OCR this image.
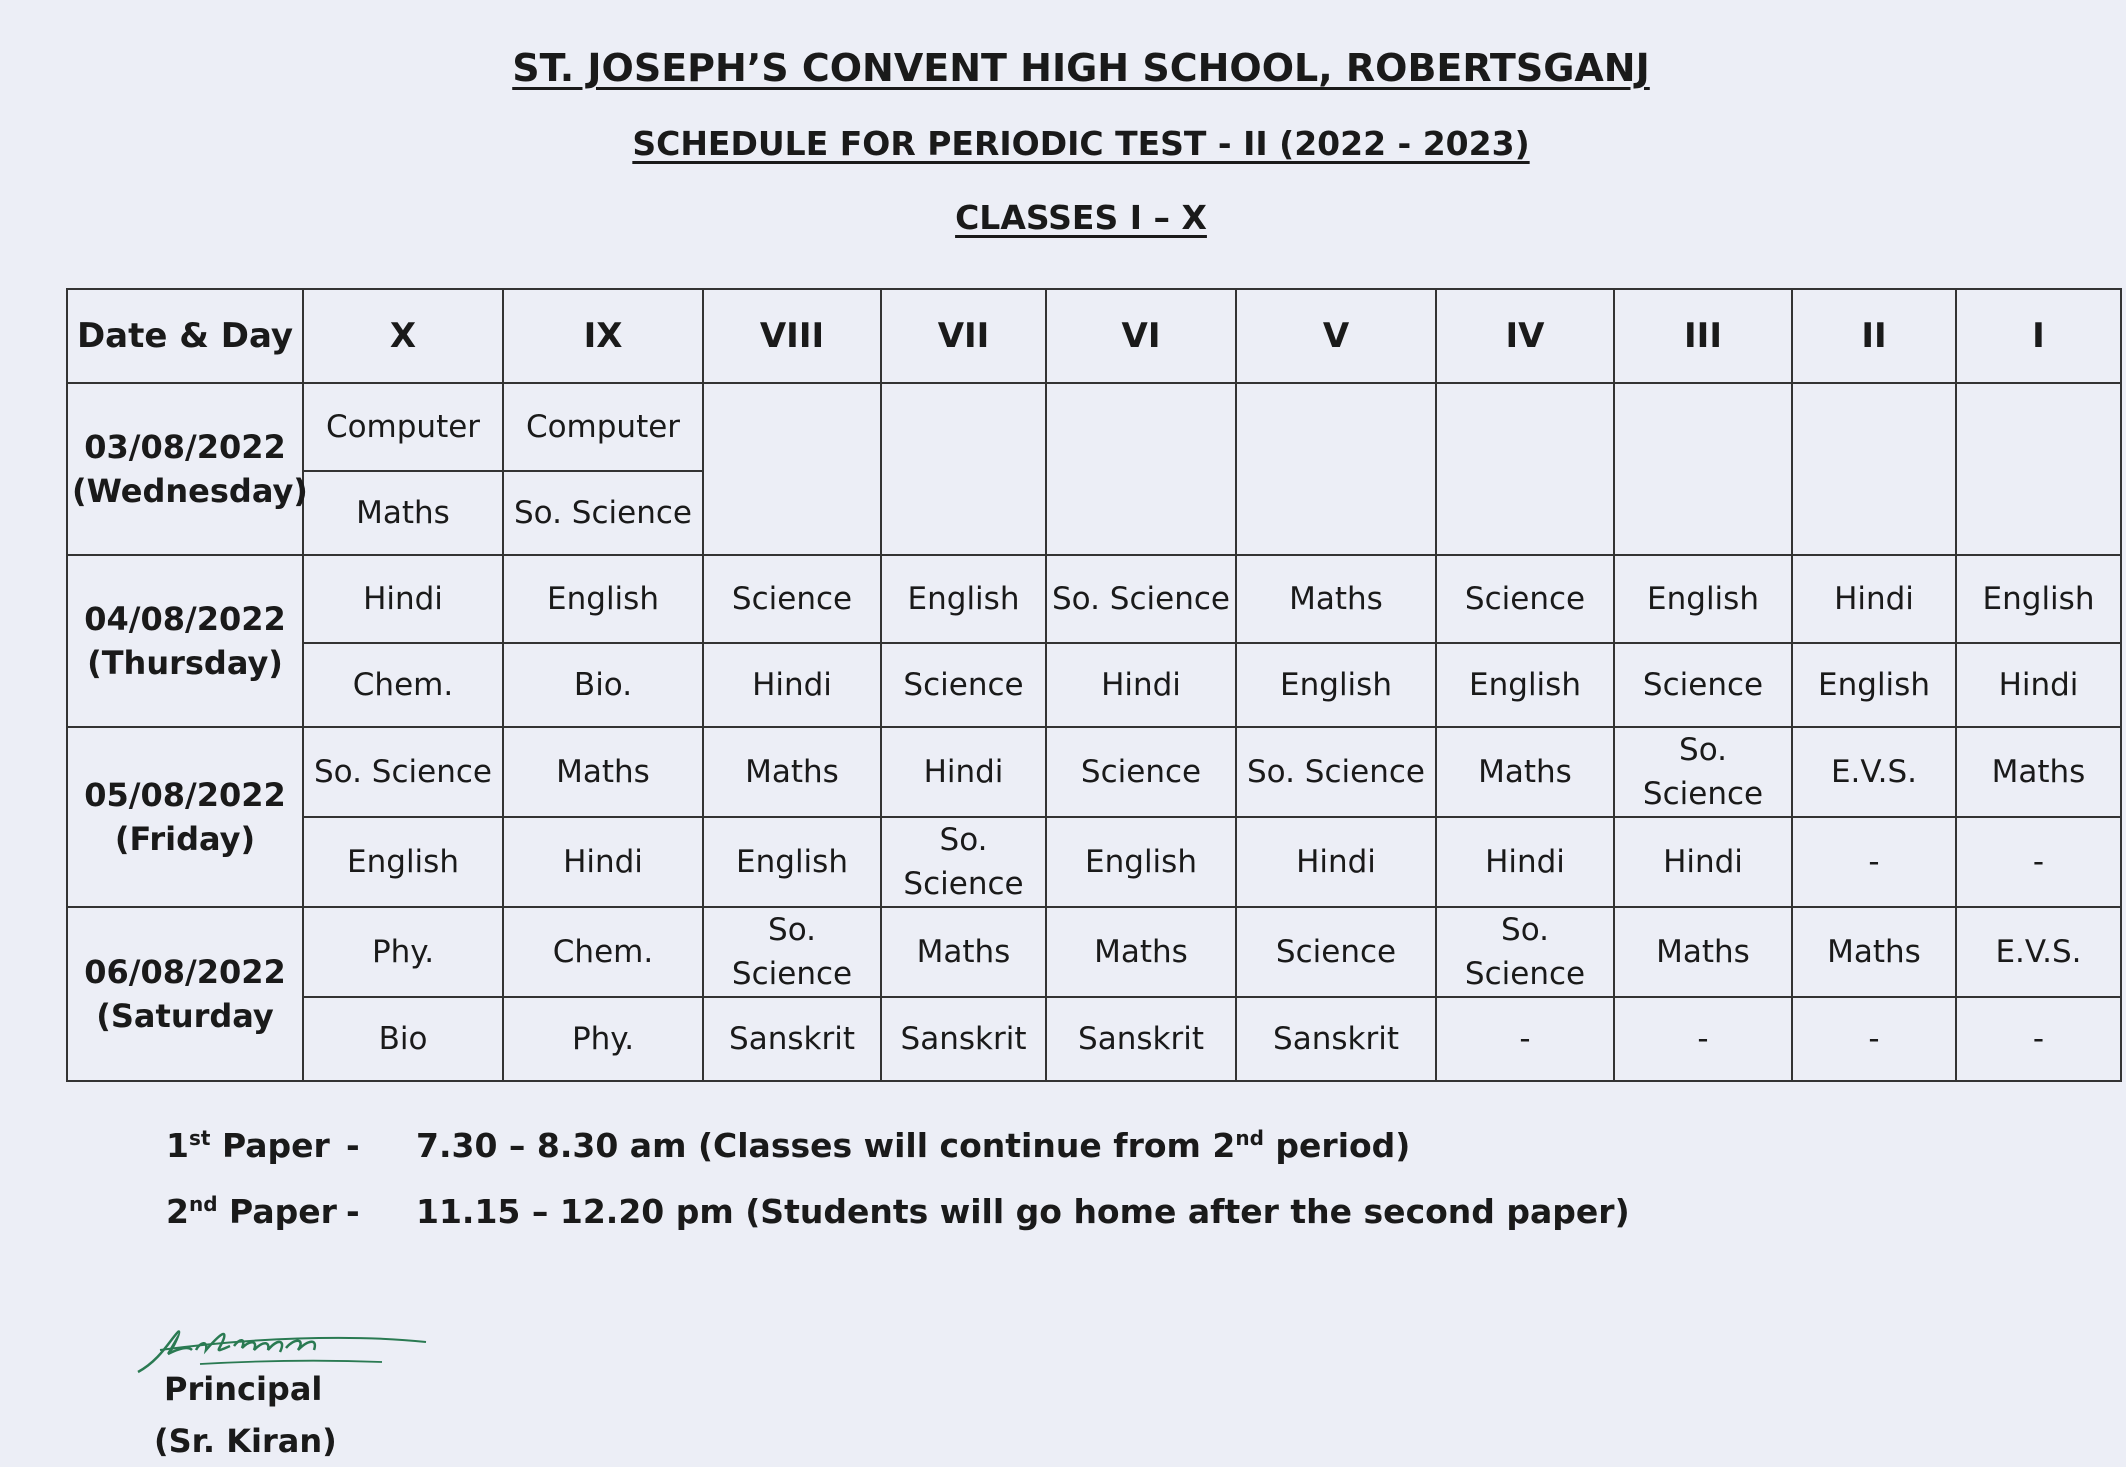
ST. JOSEPH’S CONVENT HIGH SCHOOL, ROBERTSGANJ
SCHEDULE FOR PERIODIC TEST - II (2022 - 2023)
CLASSES I – X
Date & Day	X	IX	VIII	VII	VI	V	IV	III	II	I

03/08/2022
(Wednesday)	Computer	Computer								
	Maths	So. Science								

04/08/2022
(Thursday)	Hindi	English	Science	English	So. Science	Maths	Science	English	Hindi	English
	Chem.	Bio.	Hindi	Science	Hindi	English	English	Science	English	Hindi

05/08/2022
(Friday)	So. Science	Maths	Maths	Hindi	Science	So. Science	Maths	So. Science	E.V.S.	Maths
	English	Hindi	English	So. Science	English	Hindi	Hindi	Hindi	-	-

06/08/2022
(Saturday	Phy.	Chem.	So. Science	Maths	Maths	Science	So. Science	Maths	Maths	E.V.S.
	Bio	Phy.	Sanskrit	Sanskrit	Sanskrit	Sanskrit	-	-	-	-
1st Paper - 7.30 – 8.30 am (Classes will continue from 2nd period)
2nd Paper - 11.15 – 12.20 pm (Students will go home after the second paper)
Principal
(Sr. Kiran)
